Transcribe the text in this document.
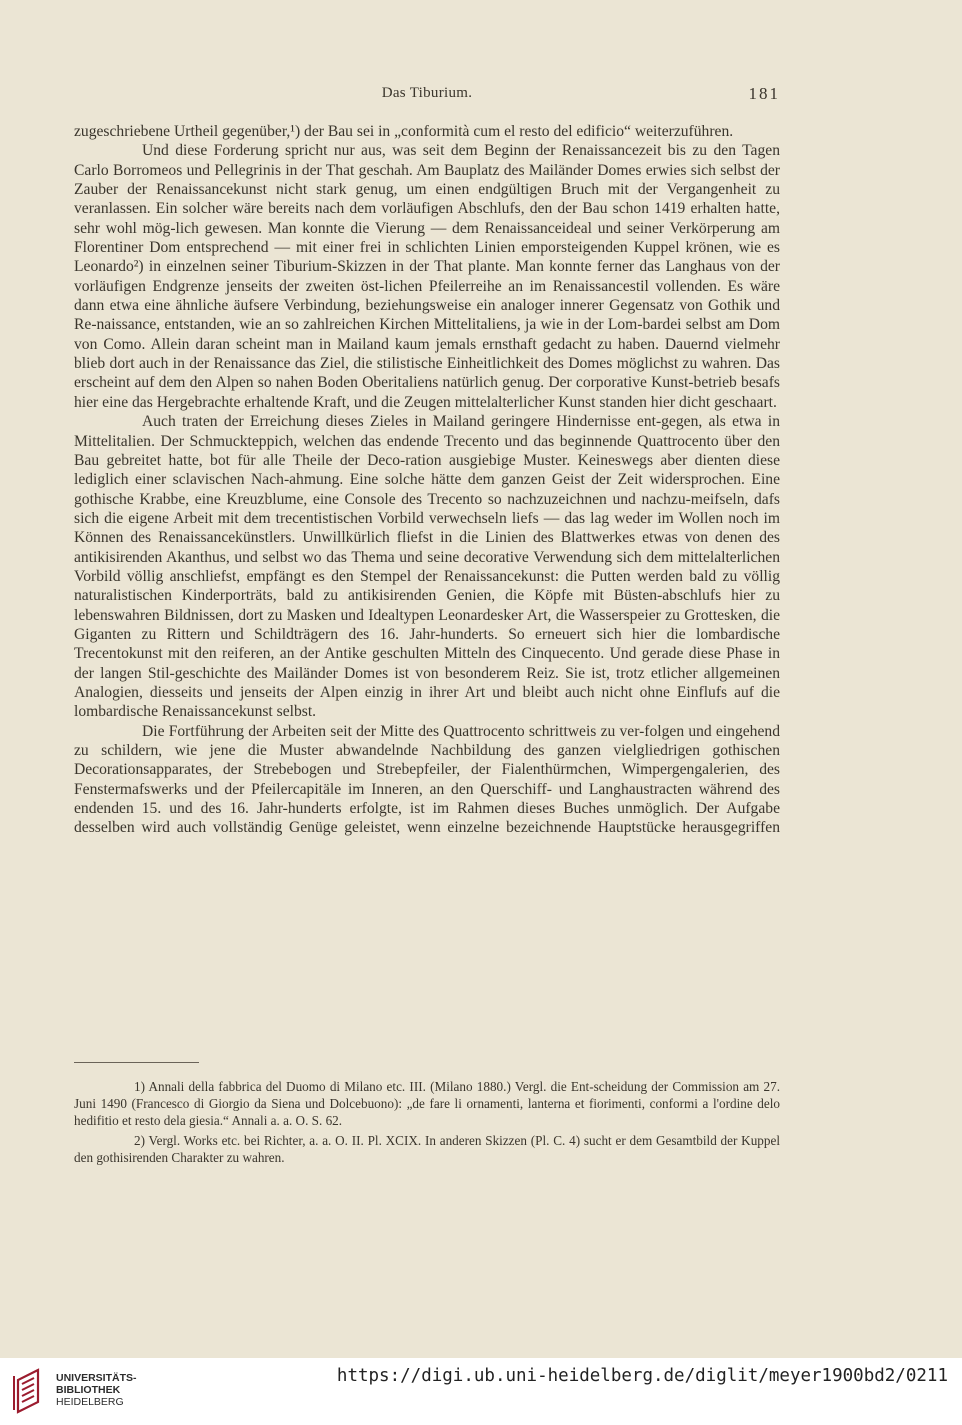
Das Tiburium.	181

zugeschriebene Urtheil gegenüber,¹) der Bau sei in „conformità cum el resto del edificio“ weiterzuführen.

Und diese Forderung spricht nur aus, was seit dem Beginn der Renaissancezeit bis zu den Tagen Carlo Borromeos und Pellegrinis in der That geschah. Am Bauplatz des Mailänder Domes erwies sich selbst der Zauber der Renaissancekunst nicht stark genug, um einen endgültigen Bruch mit der Vergangenheit zu veranlassen. Ein solcher wäre bereits nach dem vorläufigen Abschlufs, den der Bau schon 1419 erhalten hatte, sehr wohl mög-lich gewesen. Man konnte die Vierung — dem Renaissanceideal und seiner Verkörperung am Florentiner Dom entsprechend — mit einer frei in schlichten Linien emporsteigenden Kuppel krönen, wie es Leonardo²) in einzelnen seiner Tiburium-Skizzen in der That plante. Man konnte ferner das Langhaus von der vorläufigen Endgrenze jenseits der zweiten öst-lichen Pfeilerreihe an im Renaissancestil vollenden. Es wäre dann etwa eine ähnliche äufsere Verbindung, beziehungsweise ein analoger innerer Gegensatz von Gothik und Re-naissance, entstanden, wie an so zahlreichen Kirchen Mittelitaliens, ja wie in der Lom-bardei selbst am Dom von Como. Allein daran scheint man in Mailand kaum jemals ernsthaft gedacht zu haben. Dauernd vielmehr blieb dort auch in der Renaissance das Ziel, die stilistische Einheitlichkeit des Domes möglichst zu wahren. Das erscheint auf dem den Alpen so nahen Boden Oberitaliens natürlich genug. Der corporative Kunst-betrieb besafs hier eine das Hergebrachte erhaltende Kraft, und die Zeugen mittelalterlicher Kunst standen hier dicht geschaart.

Auch traten der Erreichung dieses Zieles in Mailand geringere Hindernisse ent-gegen, als etwa in Mittelitalien. Der Schmuckteppich, welchen das endende Trecento und das beginnende Quattrocento über den Bau gebreitet hatte, bot für alle Theile der Deco-ration ausgiebige Muster. Keineswegs aber dienten diese lediglich einer sclavischen Nach-ahmung. Eine solche hätte dem ganzen Geist der Zeit widersprochen. Eine gothische Krabbe, eine Kreuzblume, eine Console des Trecento so nachzuzeichnen und nachzu-meifseln, dafs sich die eigene Arbeit mit dem trecentistischen Vorbild verwechseln liefs — das lag weder im Wollen noch im Können des Renaissancekünstlers. Unwillkürlich fliefst in die Linien des Blattwerkes etwas von denen des antikisirenden Akanthus, und selbst wo das Thema und seine decorative Verwendung sich dem mittelalterlichen Vorbild völlig anschliefst, empfängt es den Stempel der Renaissancekunst: die Putten werden bald zu völlig naturalistischen Kinderporträts, bald zu antikisirenden Genien, die Köpfe mit Büsten-abschlufs hier zu lebenswahren Bildnissen, dort zu Masken und Idealtypen Leonardesker Art, die Wasserspeier zu Grottesken, die Giganten zu Rittern und Schildträgern des 16. Jahr-hunderts. So erneuert sich hier die lombardische Trecentokunst mit den reiferen, an der Antike geschulten Mitteln des Cinquecento. Und gerade diese Phase in der langen Stil-geschichte des Mailänder Domes ist von besonderem Reiz. Sie ist, trotz etlicher allgemeinen Analogien, diesseits und jenseits der Alpen einzig in ihrer Art und bleibt auch nicht ohne Einflufs auf die lombardische Renaissancekunst selbst.

Die Fortführung der Arbeiten seit der Mitte des Quattrocento schrittweis zu ver-folgen und eingehend zu schildern, wie jene die Muster abwandelnde Nachbildung des ganzen vielgliedrigen gothischen Decorationsapparates, der Strebebogen und Strebepfeiler, der Fialenthürmchen, Wimpergengalerien, des Fenstermafswerks und der Pfeilercapitäle im Inneren, an den Querschiff- und Langhaustracten während des endenden 15. und des 16. Jahr-hunderts erfolgte, ist im Rahmen dieses Buches unmöglich. Der Aufgabe desselben wird auch vollständig Genüge geleistet, wenn einzelne bezeichnende Hauptstücke herausgegriffen

1) Annali della fabbrica del Duomo di Milano etc. III. (Milano 1880.) Vergl. die Ent-scheidung der Commission am 27. Juni 1490 (Francesco di Giorgio da Siena und Dolcebuono): „de fare li ornamenti, lanterna et fiorimenti, conformi a l'ordine delo hedifitio et resto dela giesia.“ Annali a. a. O. S. 62.

2) Vergl. Works etc. bei Richter, a. a. O. II. Pl. XCIX. In anderen Skizzen (Pl. C. 4) sucht er dem Gesamtbild der Kuppel den gothisirenden Charakter zu wahren.

UNIVERSITÄTS-
BIBLIOTHEK
HEIDELBERG
https://digi.ub.uni-heidelberg.de/diglit/meyer1900bd2/0211
